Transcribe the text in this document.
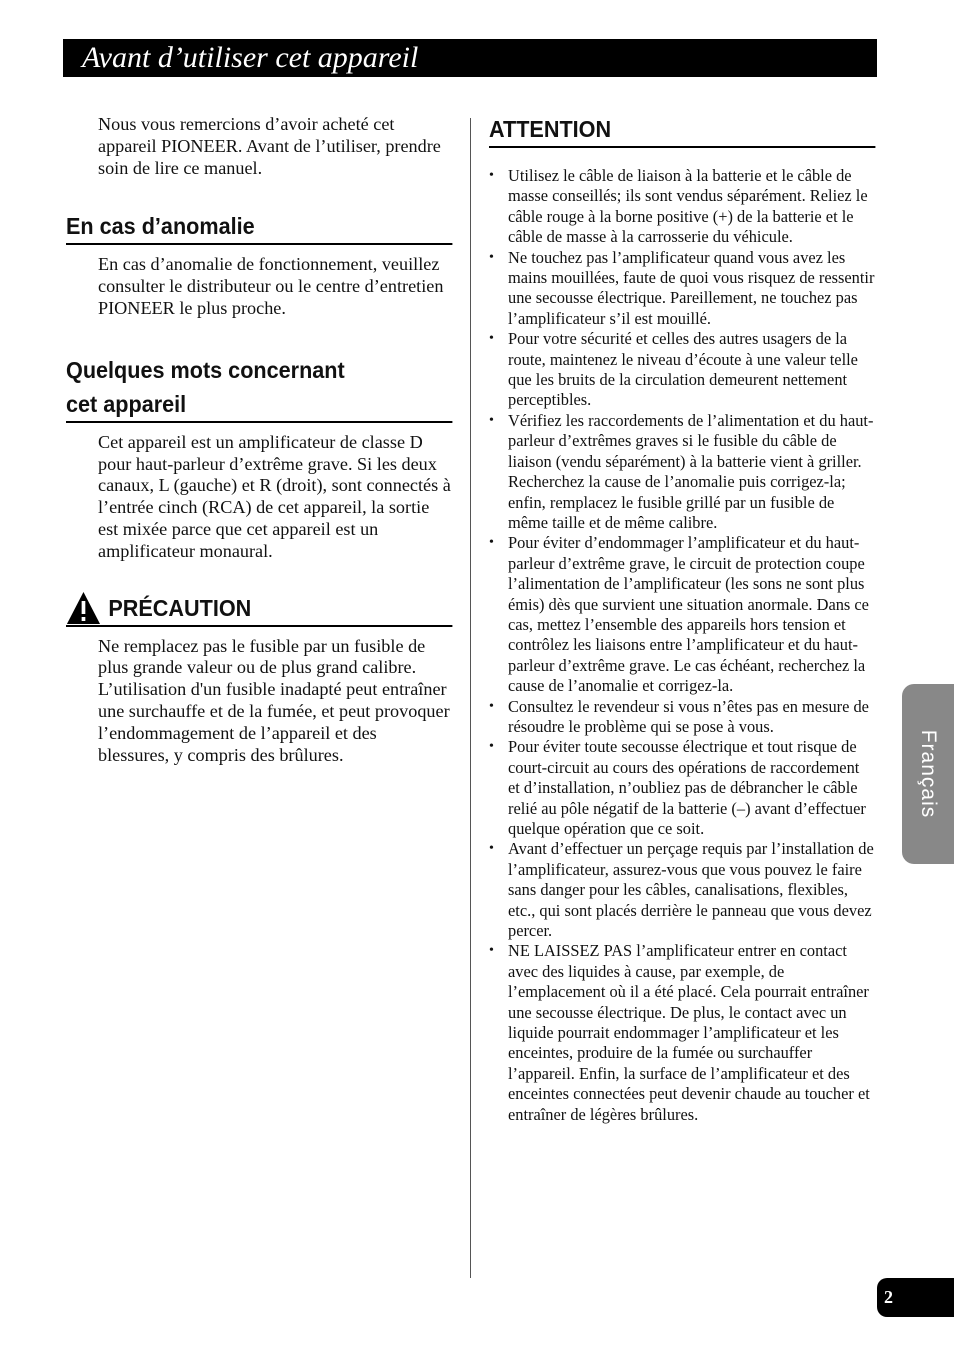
Avant d’utiliser cet appareil

Nous vous remercions d’avoir acheté cet appareil PIONEER. Avant de l’utiliser, prendre soin de lire ce manuel.

En cas d’anomalie

En cas d’anomalie de fonctionnement, veuillez consulter le distributeur ou le centre d’entretien PIONEER le plus proche.

Quelques mots concernant
cet appareil

Cet appareil est un amplificateur de classe D pour haut-parleur d’extrême grave. Si les deux canaux, L (gauche) et R (droit), sont connectés à l’entrée cinch (RCA) de cet appareil, la sortie est mixée parce que cet appareil est un amplificateur monaural.

PRÉCAUTION

Ne remplacez pas le fusible par un fusible de plus grande valeur ou de plus grand calibre. L’utilisation d'un fusible inadapté peut entraîner une surchauffe et de la fumée, et peut provoquer l’endommagement de l’appareil et des blessures, y compris des brûlures.

ATTENTION
• Utilisez le câble de liaison à la batterie et le câble de masse conseillés; ils sont vendus séparément. Reliez le câble rouge à la borne positive (+) de la batterie et le câble de masse à la carrosserie du véhicule.
• Ne touchez pas l’amplificateur quand vous avez les mains mouillées, faute de quoi vous risquez de ressentir une secousse électrique. Pareillement, ne touchez pas l’amplificateur s’il est mouillé.
• Pour votre sécurité et celles des autres usagers de la route, maintenez le niveau d’écoute à une valeur telle que les bruits de la circulation demeurent nettement perceptibles.
• Vérifiez les raccordements de l’alimentation et du haut-parleur d’extrêmes graves si le fusible du câble de liaison (vendu séparément) à la batterie vient à griller. Recherchez la cause de l’anomalie puis corrigez-la; enfin, remplacez le fusible grillé par un fusible de même taille et de même calibre.
• Pour éviter d’endommager l’amplificateur et du haut-parleur d’extrême grave, le circuit de protection coupe l’alimentation de l’amplificateur (les sons ne sont plus émis) dès que survient une situation anormale. Dans ce cas, mettez l’ensemble des appareils hors tension et contrôlez les liaisons entre l’amplificateur et du haut-parleur d’extrême grave. Le cas échéant, recherchez la cause de l’anomalie et corrigez-la.
• Consultez le revendeur si vous n’êtes pas en mesure de résoudre le problème qui se pose à vous.
• Pour éviter toute secousse électrique et tout risque de court-circuit au cours des opérations de raccordement et d’installation, n’oubliez pas de débrancher le câble relié au pôle négatif de la batterie (–) avant d’effectuer quelque opération que ce soit.
• Avant d’effectuer un perçage requis par l’installation de l’amplificateur, assurez-vous que vous pouvez le faire sans danger pour les câbles, canalisations, flexibles, etc., qui sont placés derrière le panneau que vous devez percer.
• NE LAISSEZ PAS l’amplificateur entrer en contact avec des liquides à cause, par exemple, de l’emplacement où il a été placé. Cela pourrait entraîner une secousse électrique. De plus, le contact avec un liquide pourrait endommager l’amplificateur et les enceintes, produire de la fumée ou surchauffer l’appareil. Enfin, la surface de l’amplificateur et des enceintes connectées peut devenir chaude au toucher et entraîner de légères brûlures.
Français
2
